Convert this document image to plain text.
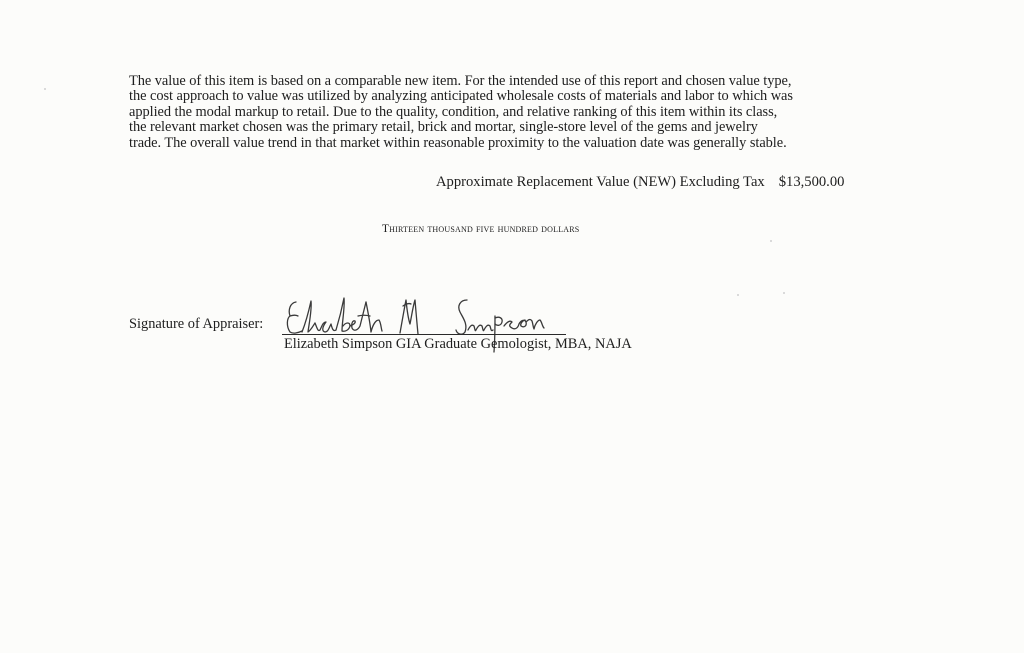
The value of this item is based on a comparable new item. For the intended use of this report and chosen value type,
the cost approach to value was utilized by analyzing anticipated wholesale costs of materials and labor to which was
applied the modal markup to retail. Due to the quality, condition, and relative ranking of this item within its class,
the relevant market chosen was the primary retail, brick and mortar, single-store level of the gems and jewelry
trade. The overall value trend in that market within reasonable proximity to the valuation date was generally stable.

Approximate Replacement Value (NEW) Excluding Tax $13,500.00
Thirteen thousand five hundred dollars
Signature of Appraiser:
Elizabeth Simpson GIA Graduate Gemologist, MBA, NAJA
